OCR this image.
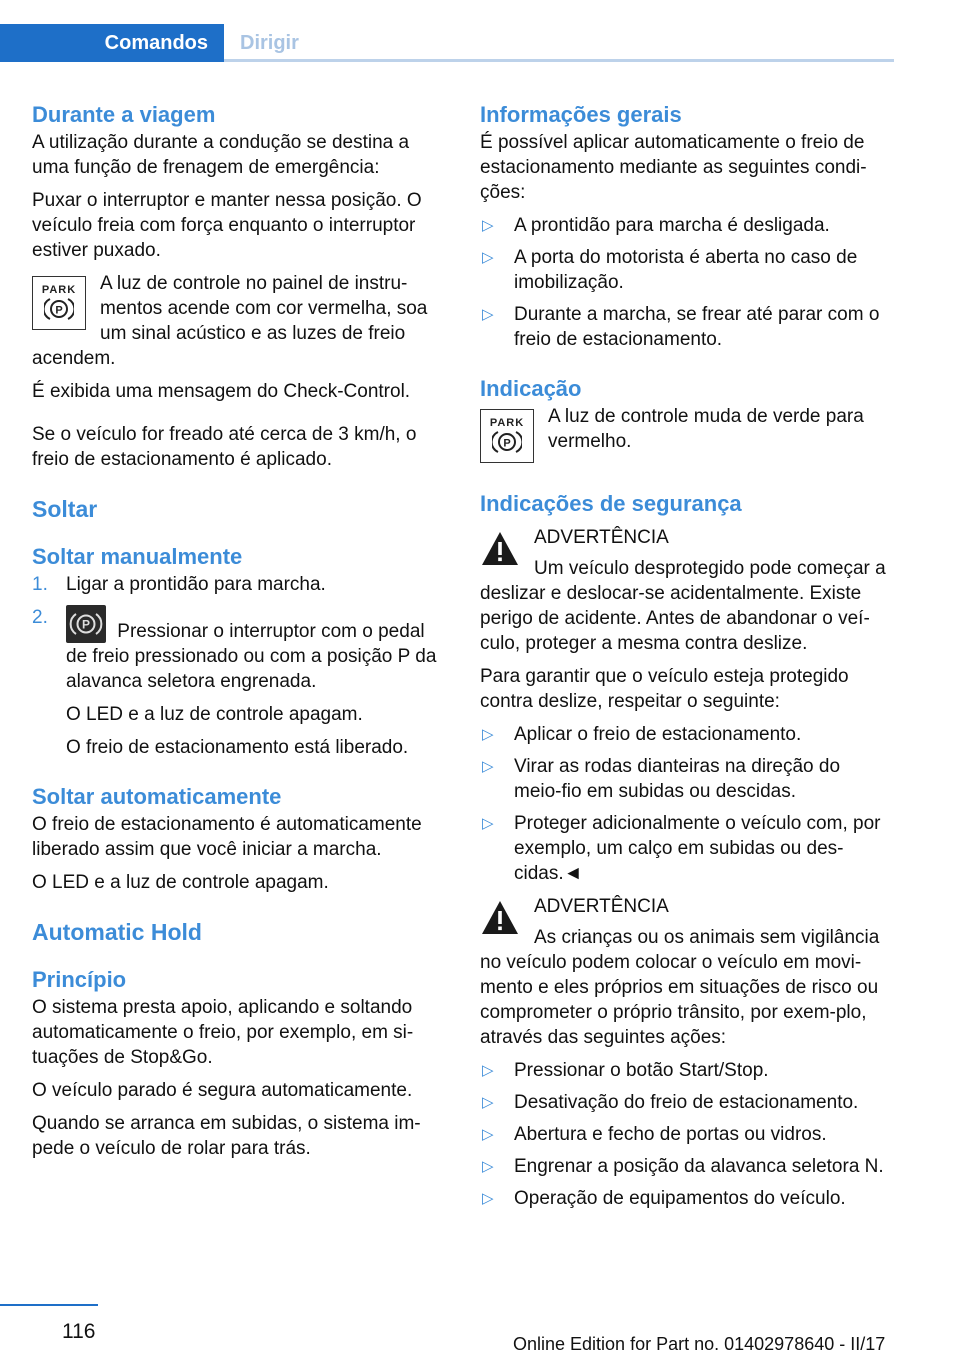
Comandos	Dirigir
Durante a viagem

A utilização durante a condução se destina a uma função de frenagem de emergência:

Puxar o interruptor e manter nessa posição. O veículo freia com força enquanto o interruptor estiver puxado.

PARK
P

A luz de controle no painel de instru-mentos acende com cor vermelha, soa um sinal acústico e as luzes de freio acendem.

É exibida uma mensagem do Check-Control.

Se o veículo for freado até cerca de 3 km/h, o freio de estacionamento é aplicado.

Soltar
Soltar manualmente
1. Ligar a prontidão para marcha.
2.	P Pressionar o interruptor com o pedal de freio pressionado ou com a posição P da alavanca seletora engrenada.

O LED e a luz de controle apagam.

O freio de estacionamento está liberado.

Soltar automaticamente

O freio de estacionamento é automaticamente liberado assim que você iniciar a marcha.

O LED e a luz de controle apagam.

Automatic Hold
Princípio

O sistema presta apoio, aplicando e soltando automaticamente o freio, por exemplo, em si-tuações de Stop&Go.

O veículo parado é segura automaticamente.

Quando se arranca em subidas, o sistema im-pede o veículo de rolar para trás.

Informações gerais

É possível aplicar automaticamente o freio de estacionamento mediante as seguintes condi-ções:

▷ A prontidão para marcha é desligada.
▷ A porta do motorista é aberta no caso de imobilização.
▷ Durante a marcha, se frear até parar com o freio de estacionamento.
Indicação
PARK
P

A luz de controle muda de verde para vermelho.

Indicações de segurança

ADVERTÊNCIA

Um veículo desprotegido pode começar a deslizar e deslocar-se acidentalmente. Existe perigo de acidente. Antes de abandonar o veí-culo, proteger a mesma contra deslize.

Para garantir que o veículo esteja protegido contra deslize, respeitar o seguinte:

▷ Aplicar o freio de estacionamento.
▷ Virar as rodas dianteiras na direção do meio-fio em subidas ou descidas.
▷ Proteger adicionalmente o veículo com, por exemplo, um calço em subidas ou des-cidas.◄

ADVERTÊNCIA

As crianças ou os animais sem vigilância no veículo podem colocar o veículo em movi-mento e eles próprios em situações de risco ou comprometer o próprio trânsito, por exem-plo, através das seguintes ações:

▷ Pressionar o botão Start/Stop.
▷ Desativação do freio de estacionamento.
▷ Abertura e fecho de portas ou vidros.
▷ Engrenar a posição da alavanca seletora N.
▷ Operação de equipamentos do veículo.
116
Online Edition for Part no. 01402978640 - II/17
